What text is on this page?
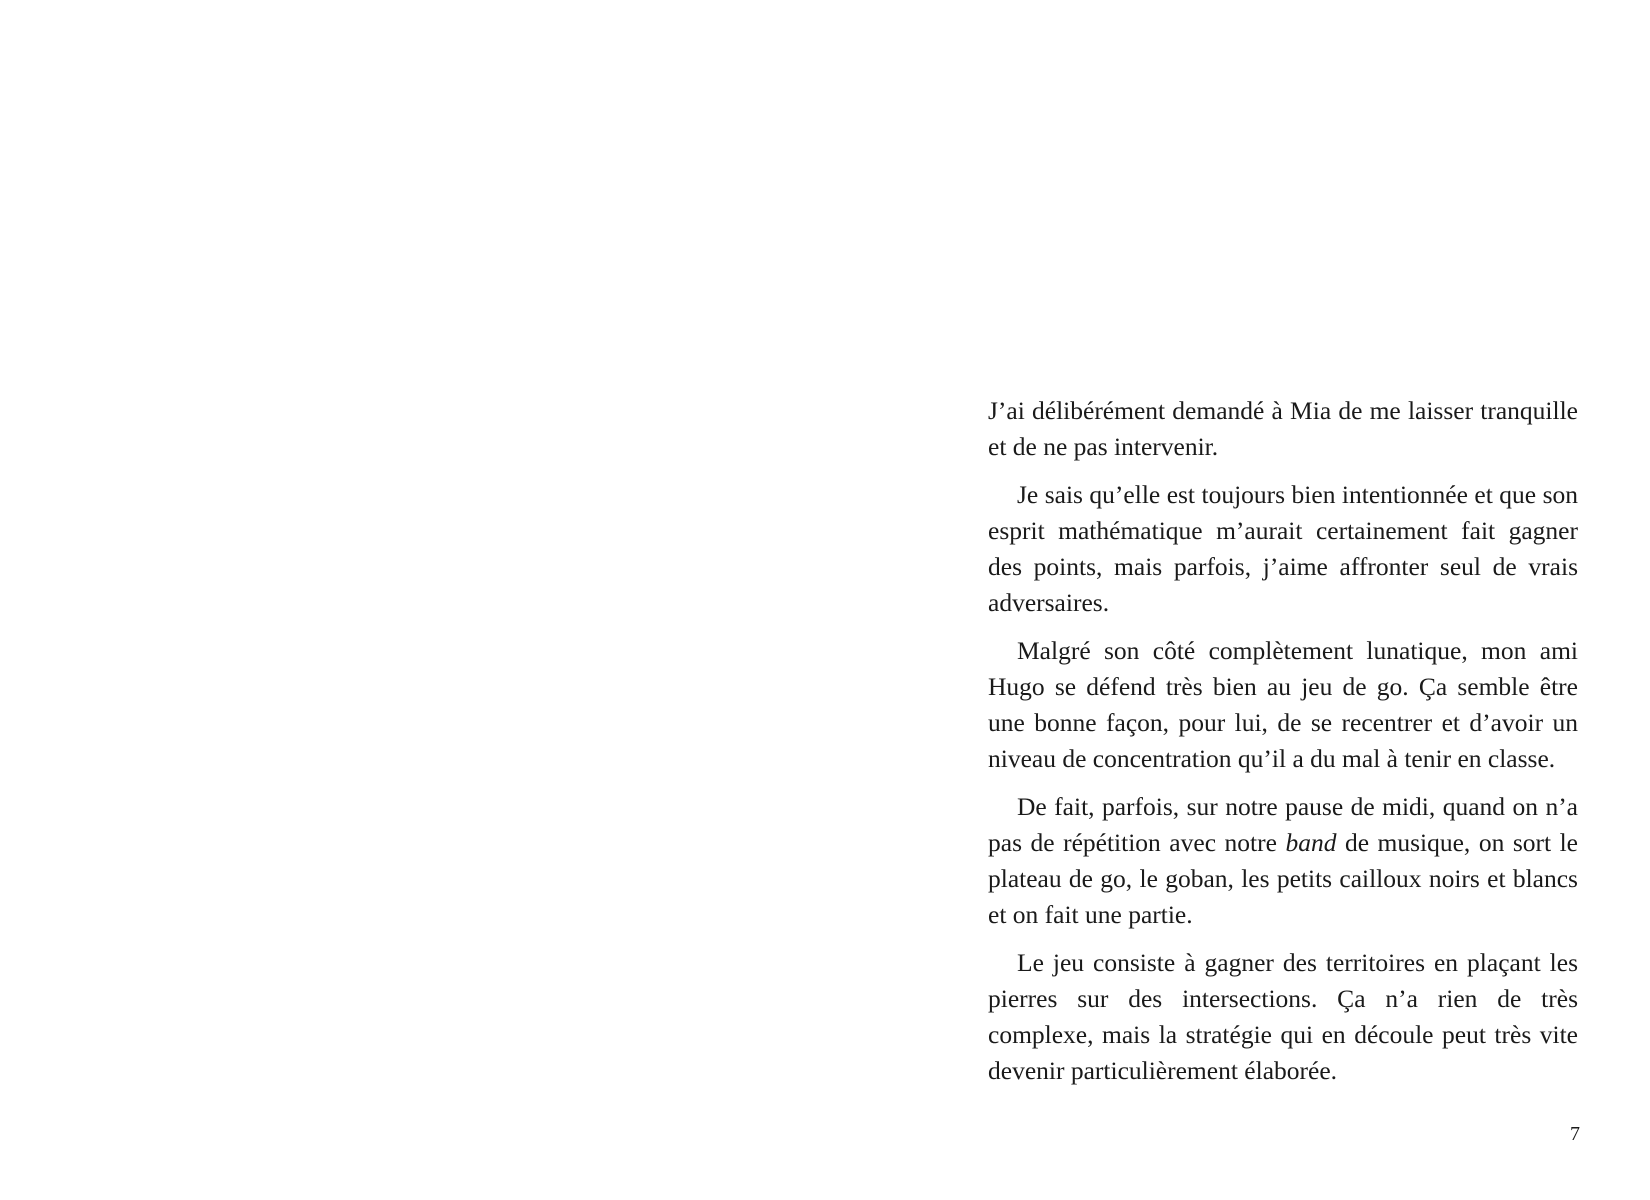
J’ai délibérément demandé à Mia de me laisser tranquille et de ne pas intervenir.

Je sais qu’elle est toujours bien intentionnée et que son esprit mathématique m’aurait certainement fait gagner des points, mais parfois, j’aime affronter seul de vrais adversaires.

Malgré son côté complètement lunatique, mon ami Hugo se défend très bien au jeu de go. Ça semble être une bonne façon, pour lui, de se recentrer et d’avoir un niveau de concentration qu’il a du mal à tenir en classe.

De fait, parfois, sur notre pause de midi, quand on n’a pas de répétition avec notre band de musique, on sort le plateau de go, le goban, les petits cailloux noirs et blancs et on fait une partie.

Le jeu consiste à gagner des territoires en plaçant les pierres sur des intersections. Ça n’a rien de très complexe, mais la stratégie qui en découle peut très vite devenir particulièrement élaborée.

7
